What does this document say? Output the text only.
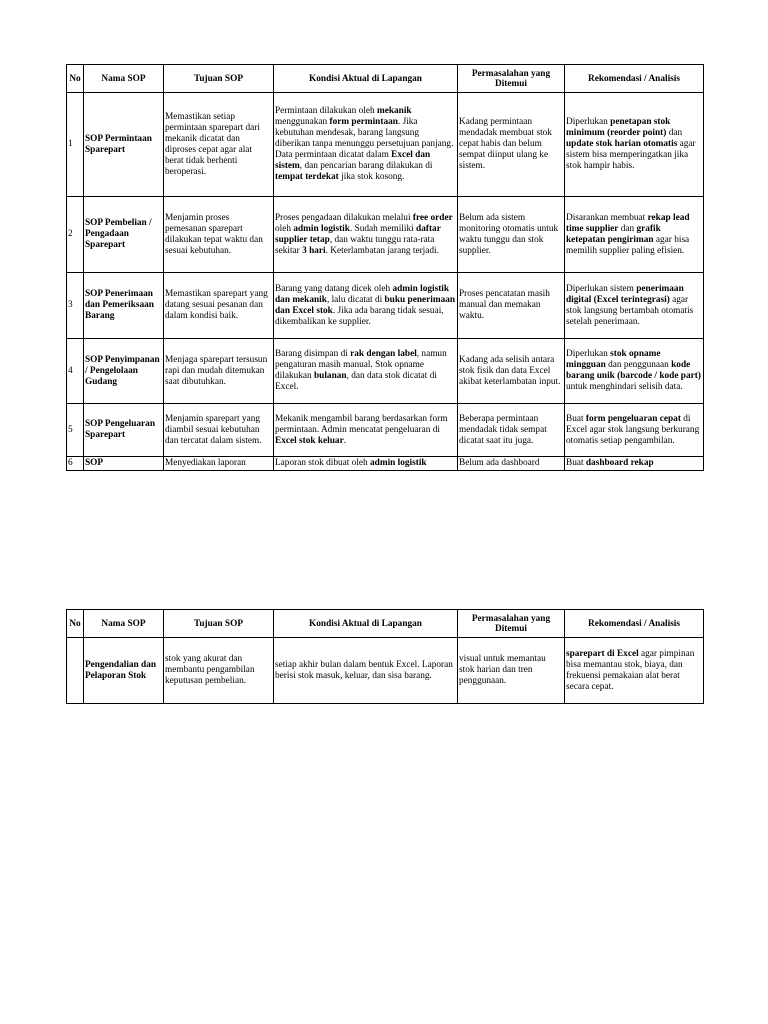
No	Nama SOP	Tujuan SOP	Kondisi Aktual di Lapangan	Permasalahan yang Ditemui	Rekomendasi / Analisis
1	SOP Permintaan Sparepart	Memastikan setiap permintaan sparepart dari mekanik dicatat dan diproses cepat agar alat berat tidak berhenti beroperasi.	Permintaan dilakukan oleh mekanik menggunakan form permintaan. Jika kebutuhan mendesak, barang langsung diberikan tanpa menunggu persetujuan panjang. Data permintaan dicatat dalam Excel dan sistem, dan pencarian barang dilakukan di tempat terdekat jika stok kosong.	Kadang permintaan mendadak membuat stok cepat habis dan belum sempat diinput ulang ke sistem.	Diperlukan penetapan stok minimum (reorder point) dan update stok harian otomatis agar sistem bisa memperingatkan jika stok hampir habis.
2	SOP Pembelian / Pengadaan Sparepart	Menjamin proses pemesanan sparepart dilakukan tepat waktu dan sesuai kebutuhan.	Proses pengadaan dilakukan melalui free order oleh admin logistik. Sudah memiliki daftar supplier tetap, dan waktu tunggu rata-rata sekitar 3 hari. Keterlambatan jarang terjadi.	Belum ada sistem monitoring otomatis untuk waktu tunggu dan stok supplier.	Disarankan membuat rekap lead time supplier dan grafik ketepatan pengiriman agar bisa memilih supplier paling efisien.
3	SOP Penerimaan dan Pemeriksaan Barang	Memastikan sparepart yang datang sesuai pesanan dan dalam kondisi baik.	Barang yang datang dicek oleh admin logistik dan mekanik, lalu dicatat di buku penerimaan dan Excel stok. Jika ada barang tidak sesuai, dikembalikan ke supplier.	Proses pencatatan masih manual dan memakan waktu.	Diperlukan sistem penerimaan digital (Excel terintegrasi) agar stok langsung bertambah otomatis setelah penerimaan.
4	SOP Penyimpanan / Pengelolaan Gudang	Menjaga sparepart tersusun rapi dan mudah ditemukan saat dibutuhkan.	Barang disimpan di rak dengan label, namun pengaturan masih manual. Stok opname dilakukan bulanan, dan data stok dicatat di Excel.	Kadang ada selisih antara stok fisik dan data Excel akibat keterlambatan input.	Diperlukan stok opname mingguan dan penggunaan kode barang unik (barcode / kode part) untuk menghindari selisih data.
5	SOP Pengeluaran Sparepart	Menjamin sparepart yang diambil sesuai kebutuhan dan tercatat dalam sistem.	Mekanik mengambil barang berdasarkan form permintaan. Admin mencatat pengeluaran di Excel stok keluar.	Beberapa permintaan mendadak tidak sempat dicatat saat itu juga.	Buat form pengeluaran cepat di Excel agar stok langsung berkurang otomatis setiap pengambilan.
6	SOP	Menyediakan laporan	Laporan stok dibuat oleh admin logistik	Belum ada dashboard	Buat dashboard rekap
No	Nama SOP	Tujuan SOP	Kondisi Aktual di Lapangan	Permasalahan yang Ditemui	Rekomendasi / Analisis
	Pengendalian dan Pelaporan Stok	stok yang akurat dan membantu pengambilan keputusan pembelian.	setiap akhir bulan dalam bentuk Excel. Laporan berisi stok masuk, keluar, dan sisa barang.	visual untuk memantau stok harian dan tren penggunaan.	sparepart di Excel agar pimpinan bisa memantau stok, biaya, dan frekuensi pemakaian alat berat secara cepat.
